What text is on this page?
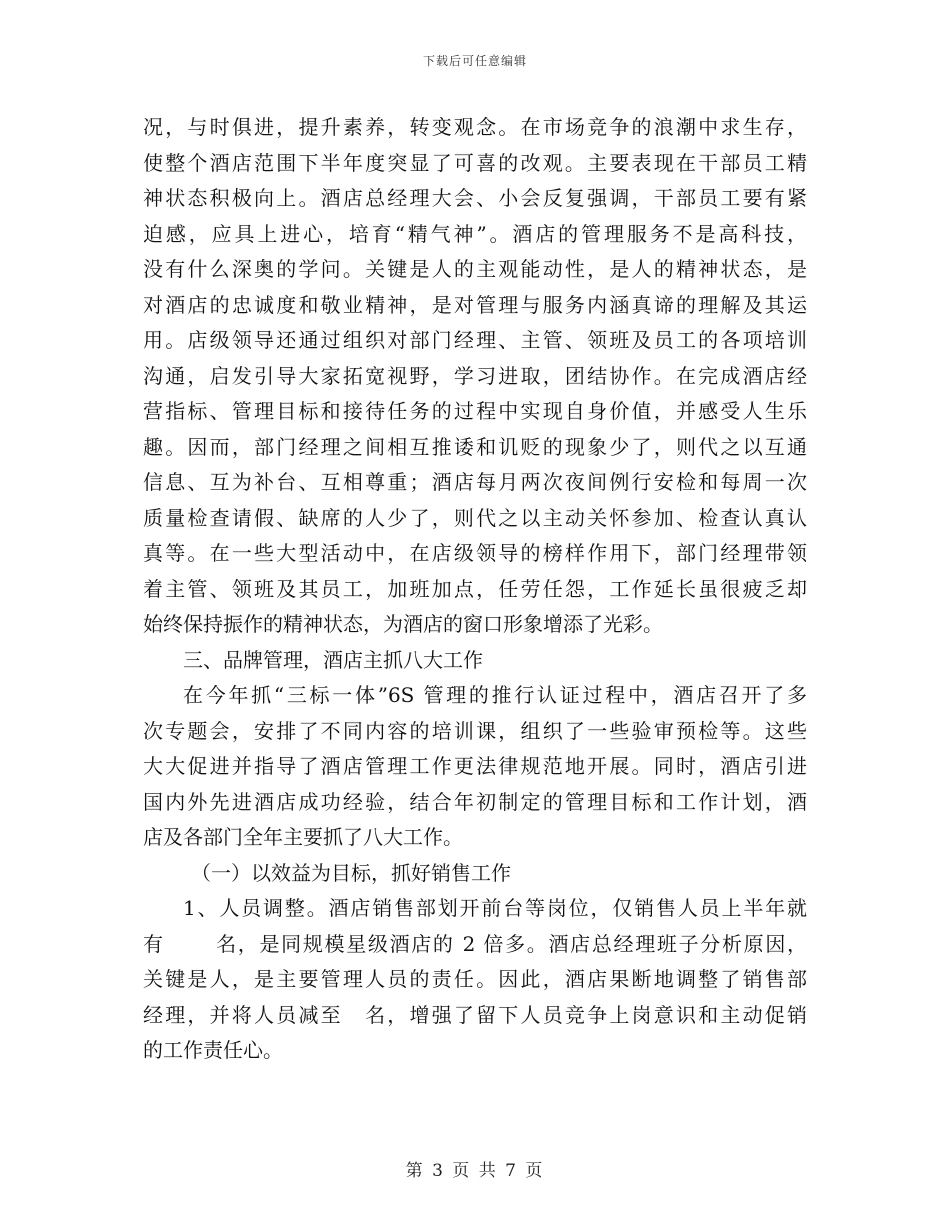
下载后可任意编辑
况，与时俱进，提升素养，转变观念。在市场竞争的浪潮中求生存，
使整个酒店范围下半年度突显了可喜的改观。主要表现在干部员工精
神状态积极向上。酒店总经理大会、小会反复强调，干部员工要有紧
迫感，应具上进心，培育“精气神”。酒店的管理服务不是高科技，
没有什么深奥的学问。关键是人的主观能动性，是人的精神状态，是
对酒店的忠诚度和敬业精神，是对管理与服务内涵真谛的理解及其运
用。店级领导还通过组织对部门经理、主管、领班及员工的各项培训
沟通，启发引导大家拓宽视野，学习进取，团结协作。在完成酒店经
营指标、管理目标和接待任务的过程中实现自身价值，并感受人生乐
趣。因而，部门经理之间相互推诿和讥贬的现象少了，则代之以互通
信息、互为补台、互相尊重；酒店每月两次夜间例行安检和每周一次
质量检查请假、缺席的人少了，则代之以主动关怀参加、检查认真认
真等。在一些大型活动中，在店级领导的榜样作用下，部门经理带领
着主管、领班及其员工，加班加点，任劳任怨，工作延长虽很疲乏却
始终保持振作的精神状态，为酒店的窗口形象增添了光彩。
三、品牌管理，酒店主抓八大工作
在今年抓“三标一体”6S 管理的推行认证过程中，酒店召开了多
次专题会，安排了不同内容的培训课，组织了一些验审预检等。这些
大大促进并指导了酒店管理工作更法律规范地开展。同时，酒店引进
国内外先进酒店成功经验，结合年初制定的管理目标和工作计划，酒
店及各部门全年主要抓了八大工作。
（一）以效益为目标，抓好销售工作
1、人员调整。酒店销售部划开前台等岗位，仅销售人员上半年就
有　　 名，是同规模星级酒店的 2 倍多。酒店总经理班子分析原因，
关键是人，是主要管理人员的责任。因此，酒店果断地调整了销售部
经理，并将人员减至　名，增强了留下人员竞争上岗意识和主动促销
的工作责任心。
第 3 页 共 7 页
